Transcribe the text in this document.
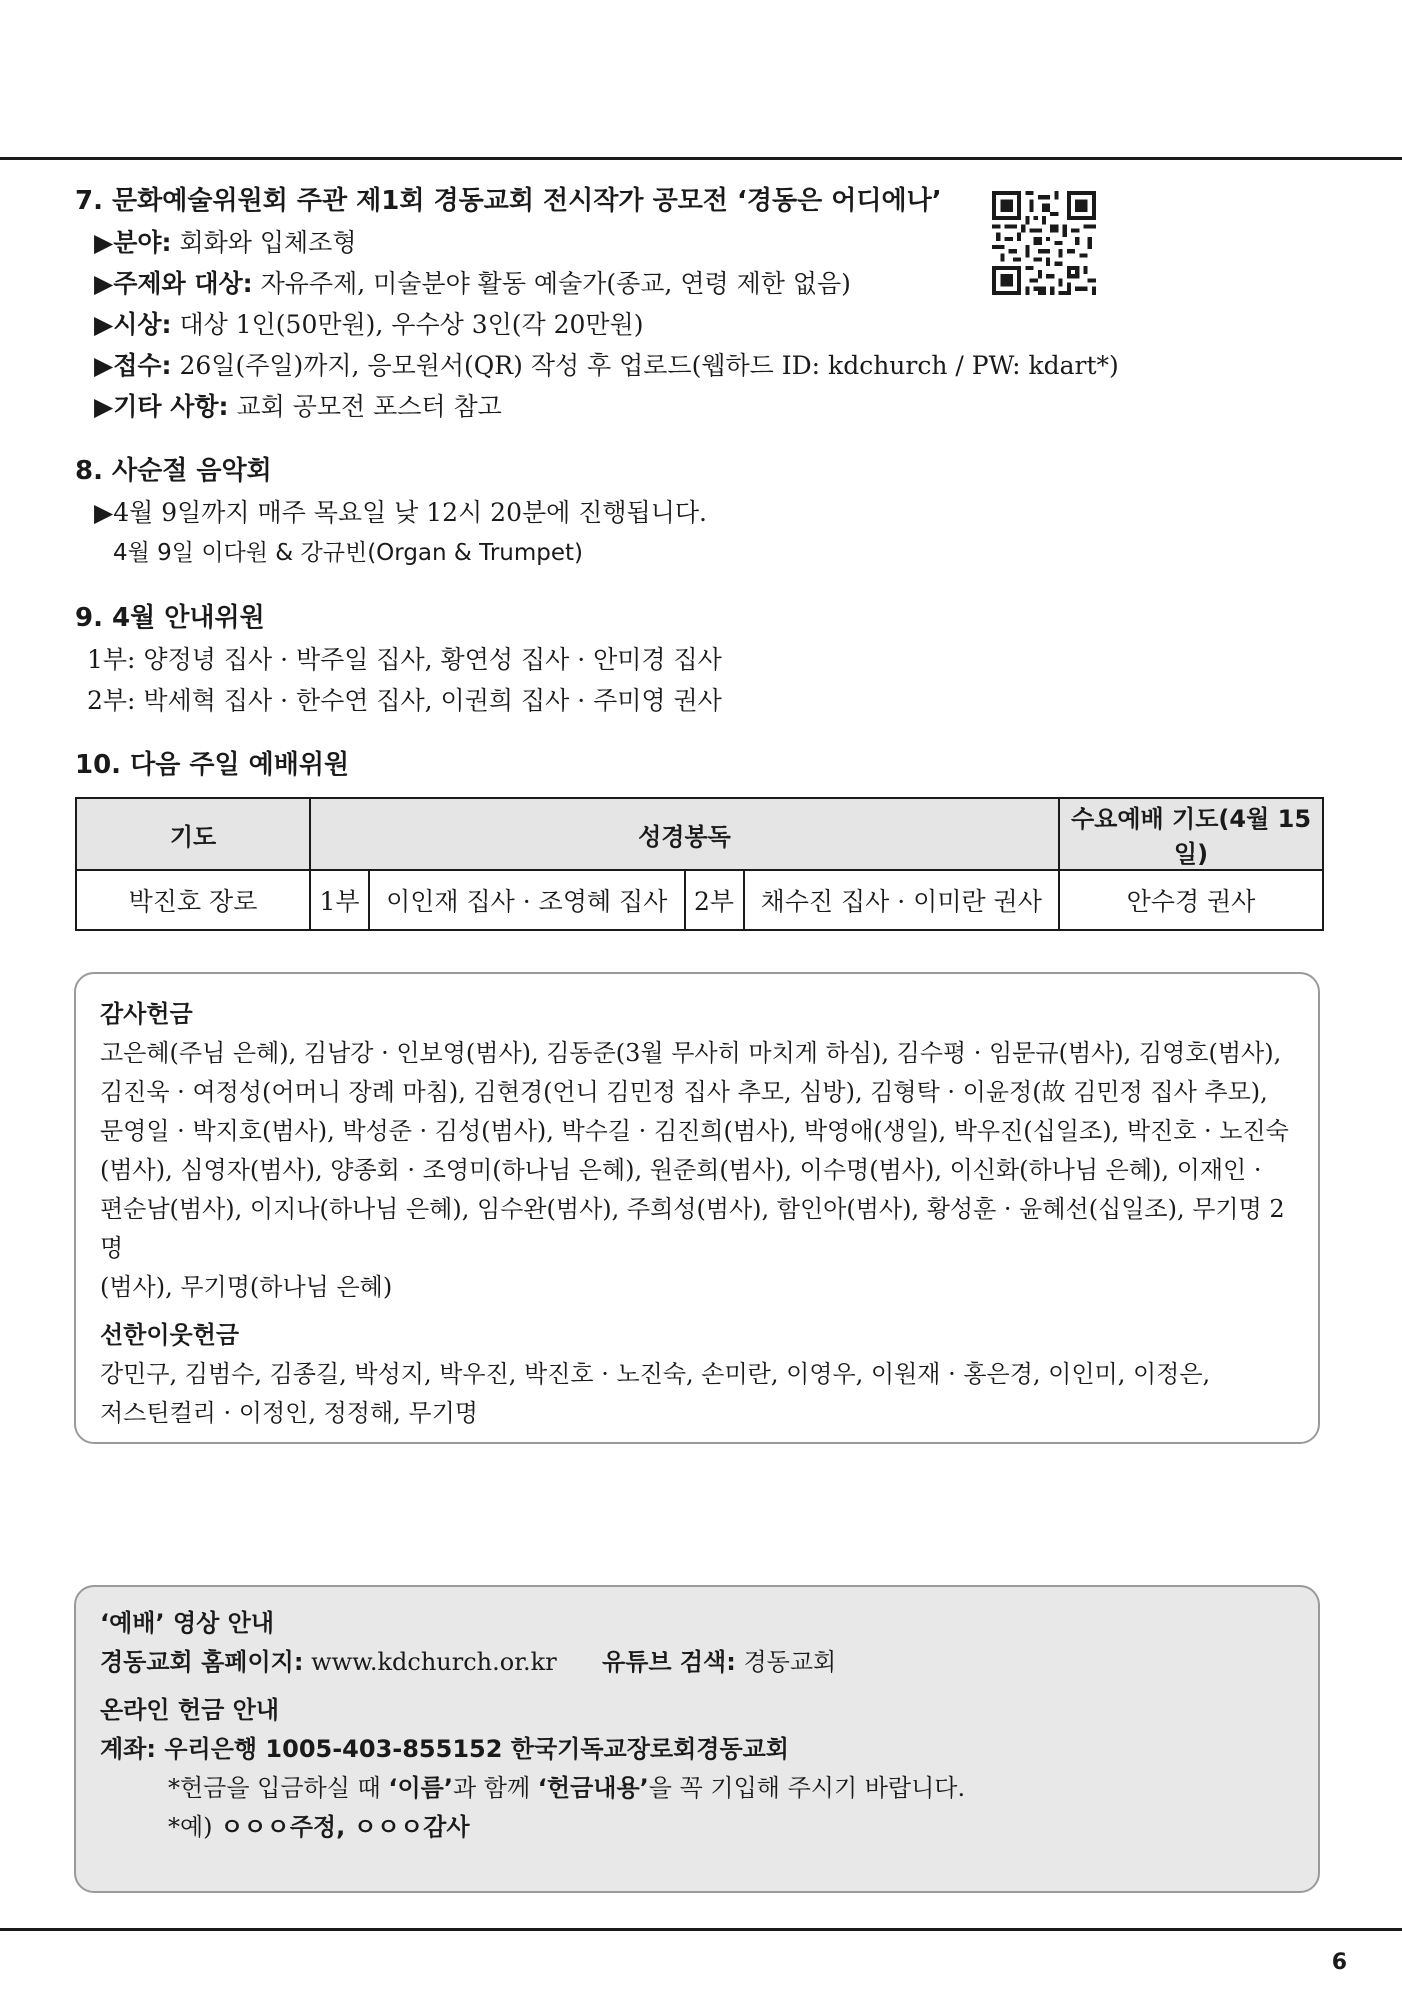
7. 문화예술위원회 주관 제1회 경동교회 전시작가 공모전 ‘경동은 어디에나’

▶분야: 회화와 입체조형

▶주제와 대상: 자유주제, 미술분야 활동 예술가(종교, 연령 제한 없음)

▶시상: 대상 1인(50만원), 우수상 3인(각 20만원)

▶접수: 26일(주일)까지, 응모원서(QR) 작성 후 업로드(웹하드 ID: kdchurch / PW: kdart*)

▶기타 사항: 교회 공모전 포스터 참고

8. 사순절 음악회

▶4월 9일까지 매주 목요일 낮 12시 20분에 진행됩니다.

4월 9일 이다원 & 강규빈(Organ & Trumpet)

9. 4월 안내위원

1부: 양정녕 집사 · 박주일 집사, 황연성 집사 · 안미경 집사

2부: 박세혁 집사 · 한수연 집사, 이권희 집사 · 주미영 권사

10. 다음 주일 예배위원

기도	성경봉독				수요예배 기도(4월 15일)
박진호 장로	1부	이인재 집사 · 조영혜 집사	2부	채수진 집사 · 이미란 권사	안수경 권사

감사헌금

고은혜(주님 은혜), 김남강 · 인보영(범사), 김동준(3월 무사히 마치게 하심), 김수평 · 임문규(범사), 김영호(범사),

김진욱 · 여정성(어머니 장례 마침), 김현경(언니 김민정 집사 추모, 심방), 김형탁 · 이윤정(故 김민정 집사 추모),

문영일 · 박지호(범사), 박성준 · 김성(범사), 박수길 · 김진희(범사), 박영애(생일), 박우진(십일조), 박진호 · 노진숙

(범사), 심영자(범사), 양종회 · 조영미(하나님 은혜), 원준희(범사), 이수명(범사), 이신화(하나님 은혜), 이재인 ·

편순남(범사), 이지나(하나님 은혜), 임수완(범사), 주희성(범사), 함인아(범사), 황성훈 · 윤혜선(십일조), 무기명 2명

(범사), 무기명(하나님 은혜)

선한이웃헌금

강민구, 김범수, 김종길, 박성지, 박우진, 박진호 · 노진숙, 손미란, 이영우, 이원재 · 홍은경, 이인미, 이정은,

저스틴컬리 · 이정인, 정정해, 무기명

‘예배’ 영상 안내

경동교회 홈페이지: www.kdchurch.or.kr 유튜브 검색: 경동교회

온라인 헌금 안내

계좌: 우리은행 1005-403-855152 한국기독교장로회경동교회

*헌금을 입금하실 때 ‘이름’과 함께 ‘헌금내용’을 꼭 기입해 주시기 바랍니다.

*예) ㅇㅇㅇ주정, ㅇㅇㅇ감사

6
